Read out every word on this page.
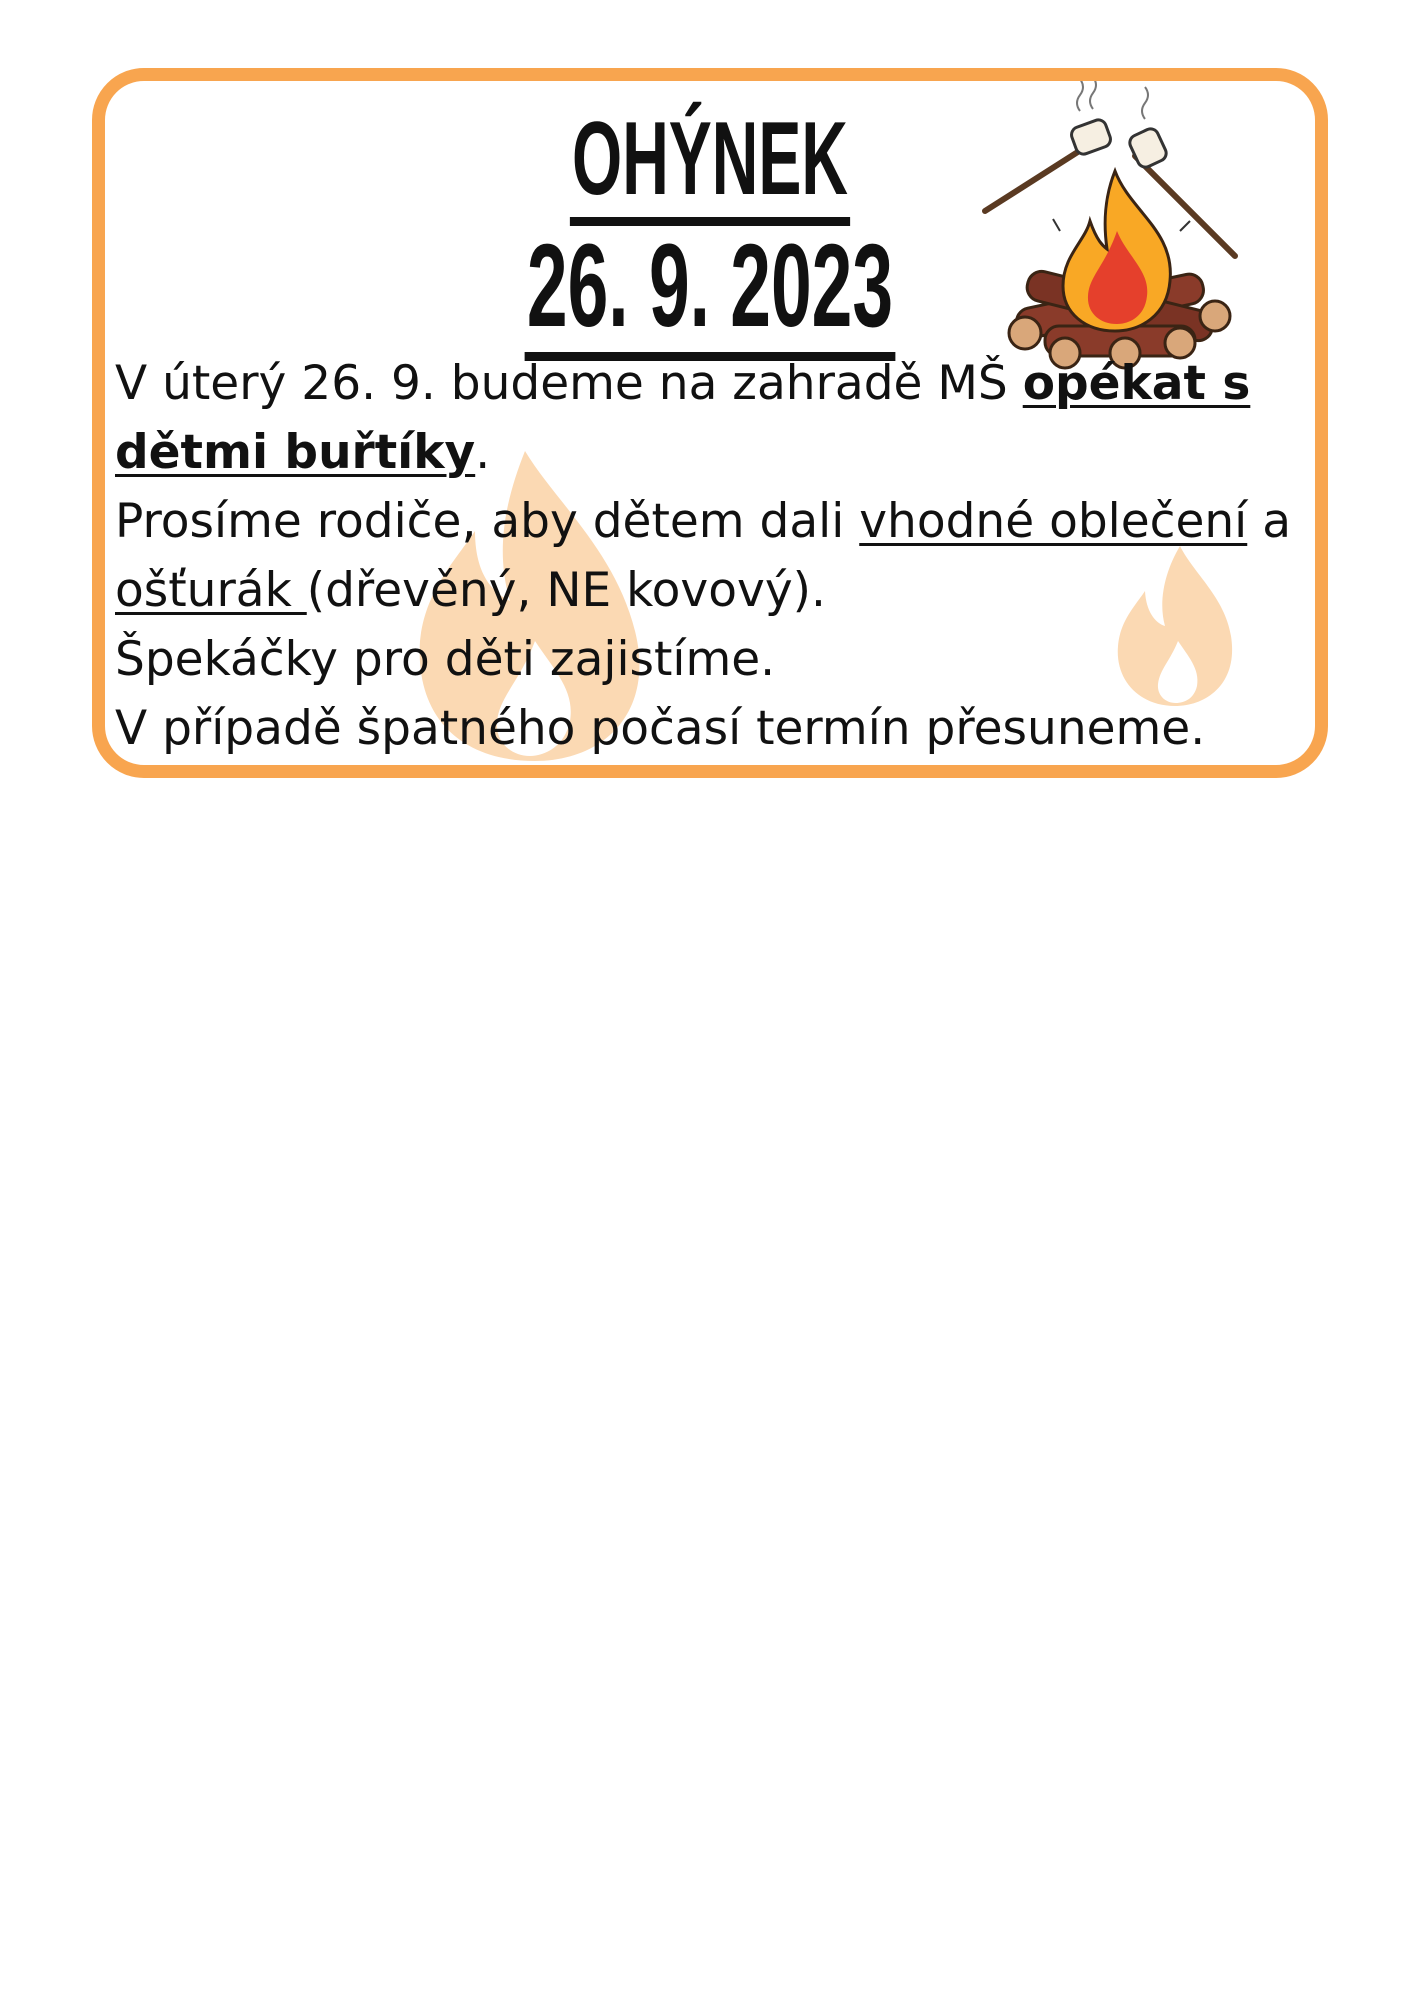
OHÝNEK
26. 9. 2023

V úterý 26. 9. budeme na zahradě MŠ opékat s dětmi buřtíky.

Prosíme rodiče, aby dětem dali vhodné oblečení a ošťurák (dřevěný, NE kovový).

Špekáčky pro děti zajistíme.

V případě špatného počasí termín přesuneme.
